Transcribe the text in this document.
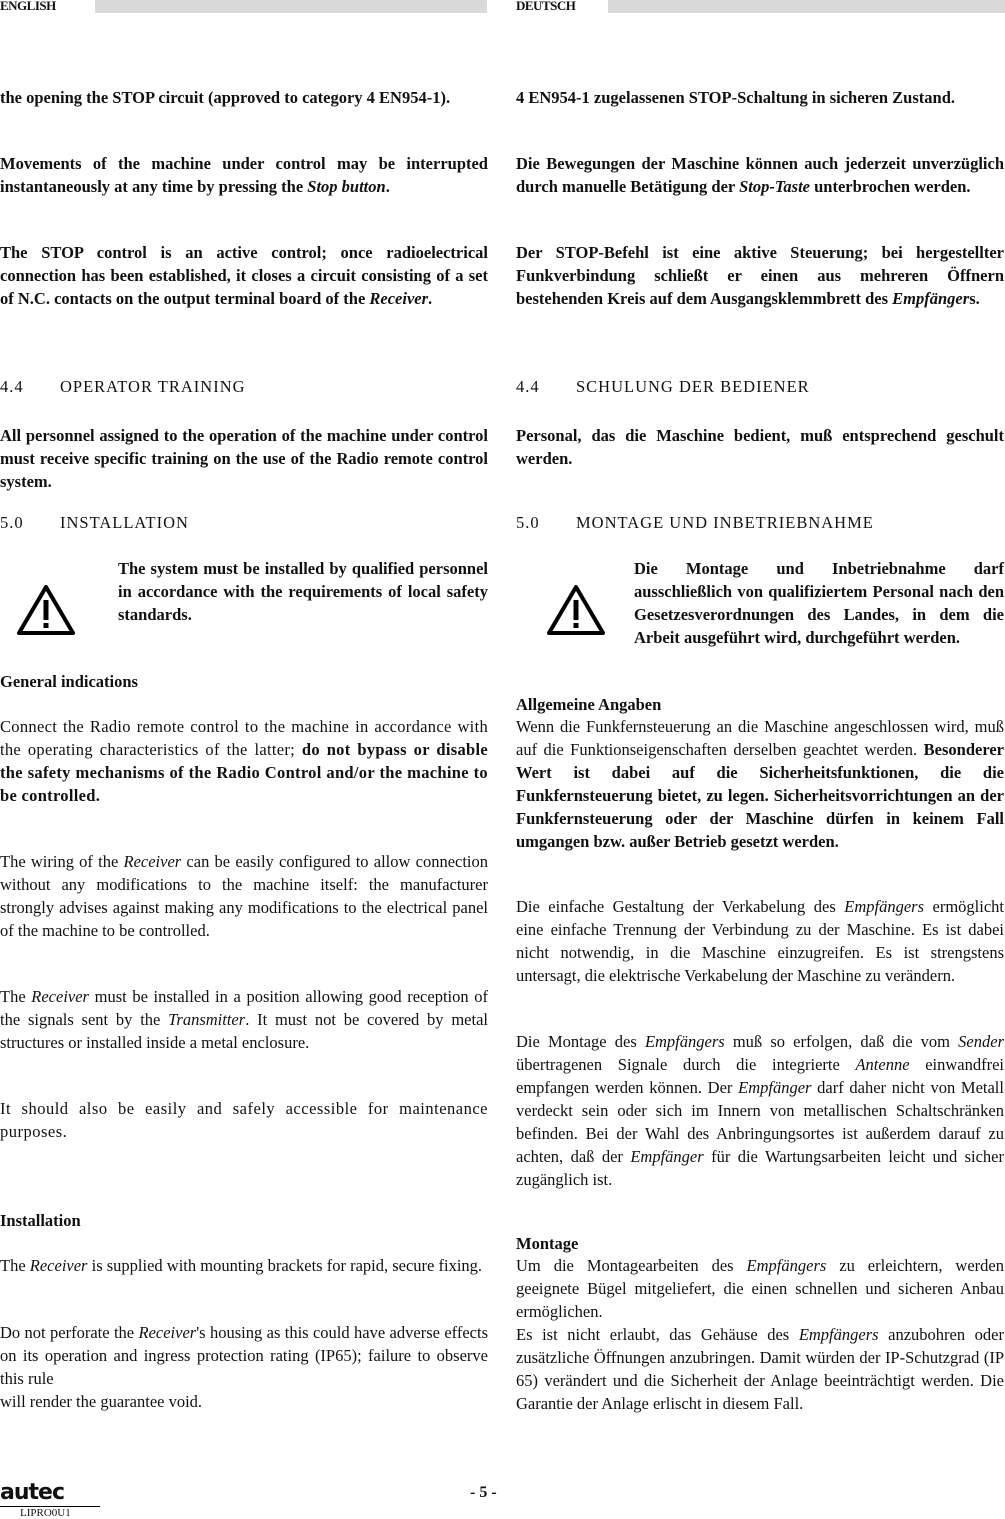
ENGLISH

the opening the STOP circuit (approved to category 4 EN954-1).

Movements of the machine under control may be interrupted instantaneously at any time by pressing the Stop button.

The STOP control is an active control; once radioelectrical connection has been established, it closes a circuit consisting of a set of N.C. contacts on the output terminal board of the Receiver.

4.4 OPERATOR TRAINING

All personnel assigned to the operation of the machine under control must receive specific training on the use of the Radio remote control system.

5.0 INSTALLATION
The system must be installed by qualified personnel in accordance with the requirements of local safety standards.

General indications

Connect the Radio remote control to the machine in accordance with the operating characteristics of the latter; do not bypass or disable the safety mechanisms of the Radio Control and/or the machine to be controlled.

The wiring of the Receiver can be easily configured to allow connection without any modifications to the machine itself: the manufacturer strongly advises against making any modifications to the electrical panel of the machine to be controlled.

The Receiver must be installed in a position allowing good reception of the signals sent by the Transmitter. It must not be covered by metal structures or installed inside a metal enclosure.

It should also be easily and safely accessible for maintenance purposes.

Installation

The Receiver is supplied with mounting brackets for rapid, secure fixing.

Do not perforate the Receiver's housing as this could have adverse effects on its operation and ingress protection rating (IP65); failure to observe this rule
will render the guarantee void.

DEUTSCH

4 EN954-1 zugelassenen STOP-Schaltung in sicheren Zustand.

Die Bewegungen der Maschine können auch jederzeit unverzüglich durch manuelle Betätigung der Stop-Taste unterbrochen werden.

Der STOP-Befehl ist eine aktive Steuerung; bei hergestellter Funkverbindung schließt er einen aus mehreren Öffnern bestehenden Kreis auf dem Ausgangsklemmbrett des Empfängers.

4.4 SCHULUNG DER BEDIENER

Personal, das die Maschine bedient, muß entsprechend geschult werden.

5.0 MONTAGE UND INBETRIEBNAHME
Die Montage und Inbetriebnahme darf ausschließlich von qualifiziertem Personal nach den Gesetzesverordnungen des Landes, in dem die Arbeit ausgeführt wird, durchgeführt werden.

Allgemeine Angaben

Wenn die Funkfernsteuerung an die Maschine angeschlossen wird, muß auf die Funktionseigenschaften derselben geachtet werden. Besonderer Wert ist dabei auf die Sicherheitsfunktionen, die die Funkfernsteuerung bietet, zu legen. Sicherheitsvorrichtungen an der Funkfernsteuerung oder der Maschine dürfen in keinem Fall umgangen bzw. außer Betrieb gesetzt werden.

Die einfache Gestaltung der Verkabelung des Empfängers ermöglicht eine einfache Trennung der Verbindung zu der Maschine. Es ist dabei nicht notwendig, in die Maschine einzugreifen. Es ist strengstens untersagt, die elektrische Verkabelung der Maschine zu verändern.

Die Montage des Empfängers muß so erfolgen, daß die vom Sender übertragenen Signale durch die integrierte Antenne einwandfrei empfangen werden können. Der Empfänger darf daher nicht von Metall verdeckt sein oder sich im Innern von metallischen Schaltschränken befinden. Bei der Wahl des Anbringungsortes ist außerdem darauf zu achten, daß der Empfänger für die Wartungsarbeiten leicht und sicher zugänglich ist.

Montage

Um die Montagearbeiten des Empfängers zu erleichtern, werden geeignete Bügel mitgeliefert, die einen schnellen und sicheren Anbau ermöglichen.
Es ist nicht erlaubt, das Gehäuse des Empfängers anzubohren oder zusätzliche Öffnungen anzubringen. Damit würden der IP-Schutzgrad (IP 65) verändert und die Sicherheit der Anlage beeinträchtigt werden. Die Garantie der Anlage erlischt in diesem Fall.

autec
LIPRO0U1
- 5 -
